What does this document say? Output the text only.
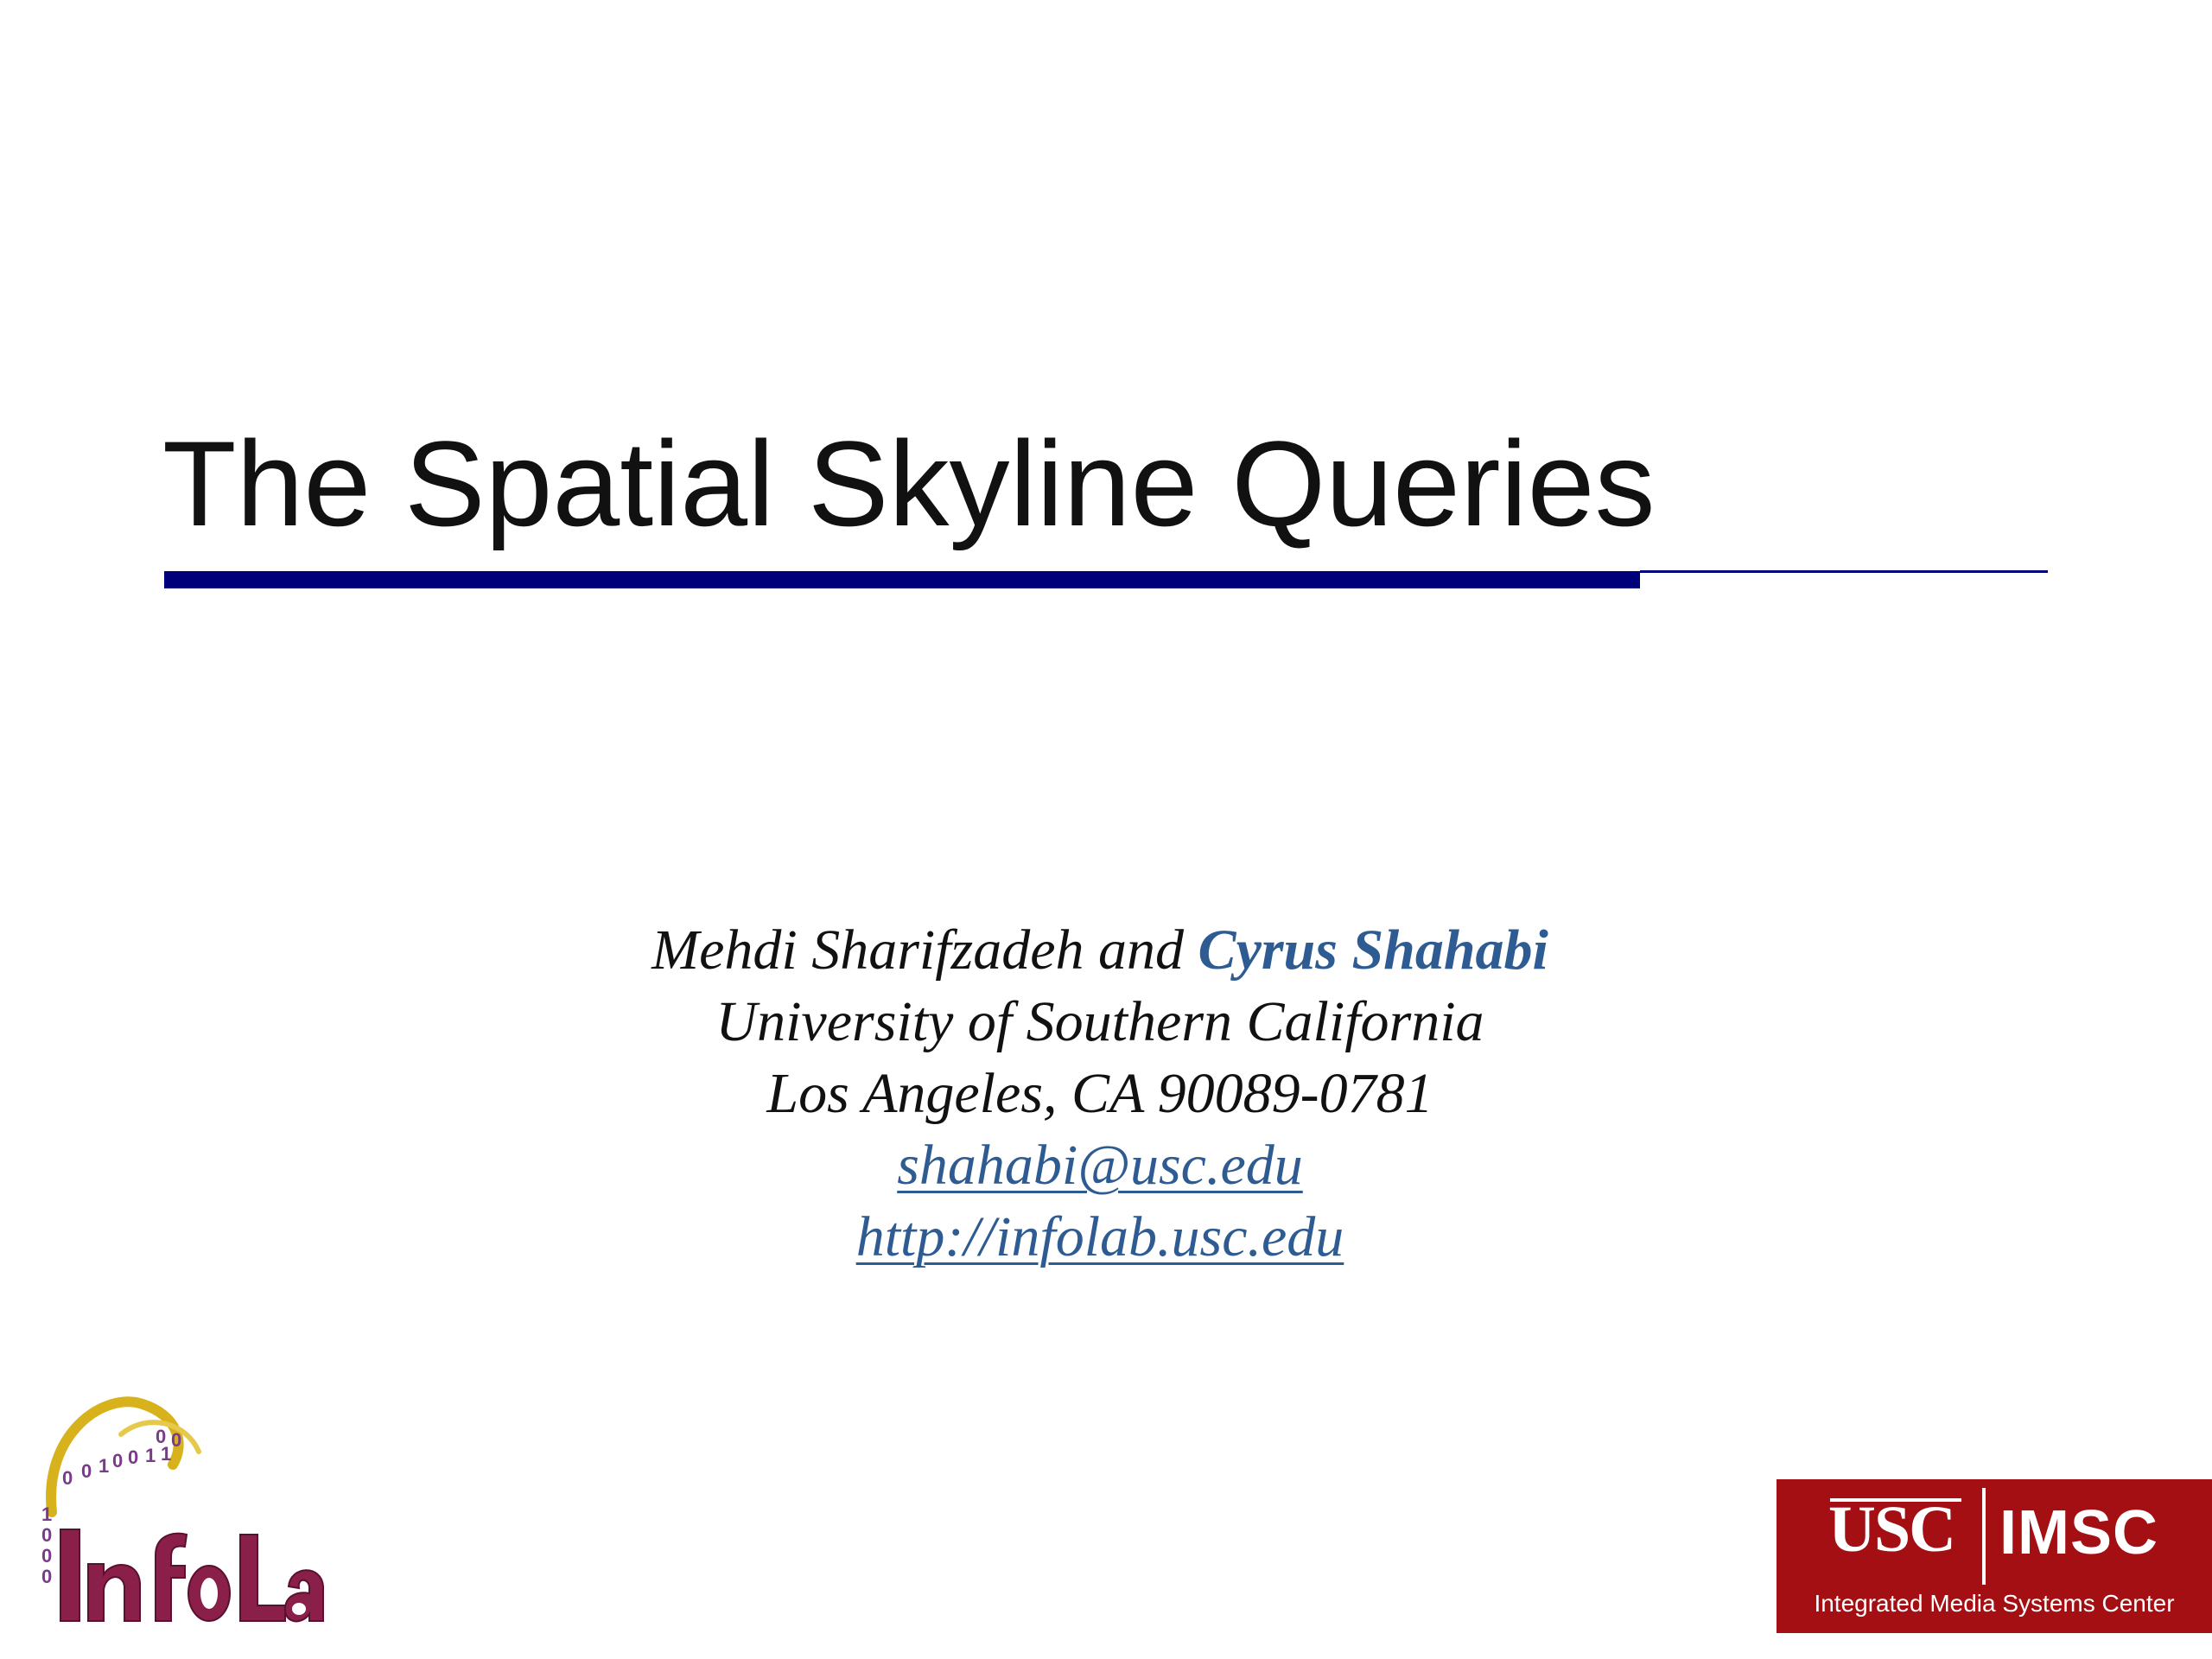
The Spatial Skyline Queries
Mehdi Sharifzadeh and Cyrus Shahabi
University of Southern California
Los Angeles, CA 90089-0781
shahabi@usc.edu
http://infolab.usc.edu
0 0 1 0 0 1 1
0 0
1
0
0
0
USC IMSC
Integrated Media Systems Center
